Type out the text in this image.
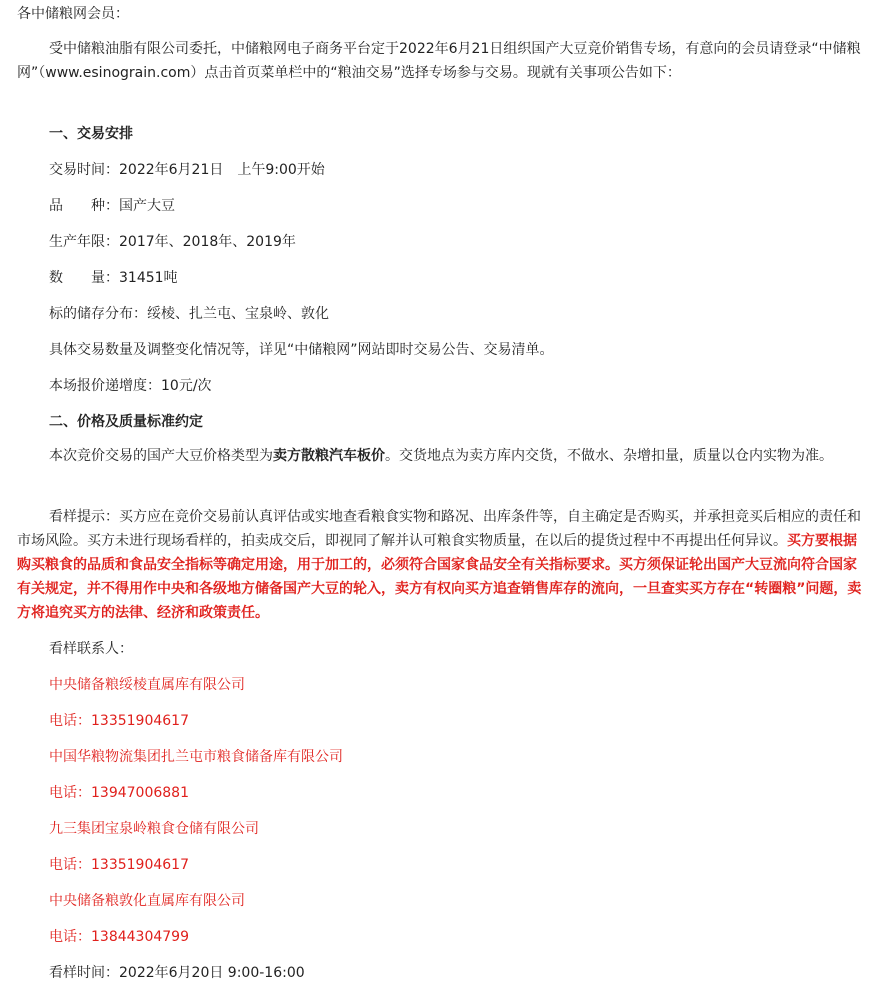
各中储粮网会员：
受中储粮油脂有限公司委托，中储粮网电子商务平台定于2022年6月21日组织国产大豆竞价销售专场，有意向的会员请登录“中储粮网”（www.esinograin.com）点击首页菜单栏中的“粮油交易”选择专场参与交易。现就有关事项公告如下：
一、交易安排
交易时间：2022年6月21日　上午9:00开始
品　　种：国产大豆
生产年限：2017年、2018年、2019年
数　　量：31451吨
标的储存分布：绥棱、扎兰屯、宝泉岭、敦化
具体交易数量及调整变化情况等，详见“中储粮网”网站即时交易公告、交易清单。
本场报价递增度：10元/次
二、价格及质量标准约定
本次竞价交易的国产大豆价格类型为卖方散粮汽车板价。交货地点为卖方库内交货，不做水、杂增扣量，质量以仓内实物为准。
看样提示：买方应在竞价交易前认真评估或实地查看粮食实物和路况、出库条件等，自主确定是否购买，并承担竞买后相应的责任和市场风险。买方未进行现场看样的，拍卖成交后，即视同了解并认可粮食实物质量，在以后的提货过程中不再提出任何异议。买方要根据购买粮食的品质和食品安全指标等确定用途，用于加工的，必须符合国家食品安全有关指标要求。买方须保证轮出国产大豆流向符合国家有关规定，并不得用作中央和各级地方储备国产大豆的轮入，卖方有权向买方追查销售库存的流向，一旦查实买方存在“转圈粮”问题，卖方将追究买方的法律、经济和政策责任。
看样联系人：
中央储备粮绥棱直属库有限公司
电话：13351904617
中国华粮物流集团扎兰屯市粮食储备库有限公司
电话：13947006881
九三集团宝泉岭粮食仓储有限公司
电话：13351904617
中央储备粮敦化直属库有限公司
电话：13844304799
看样时间：2022年6月20日 9:00-16:00
